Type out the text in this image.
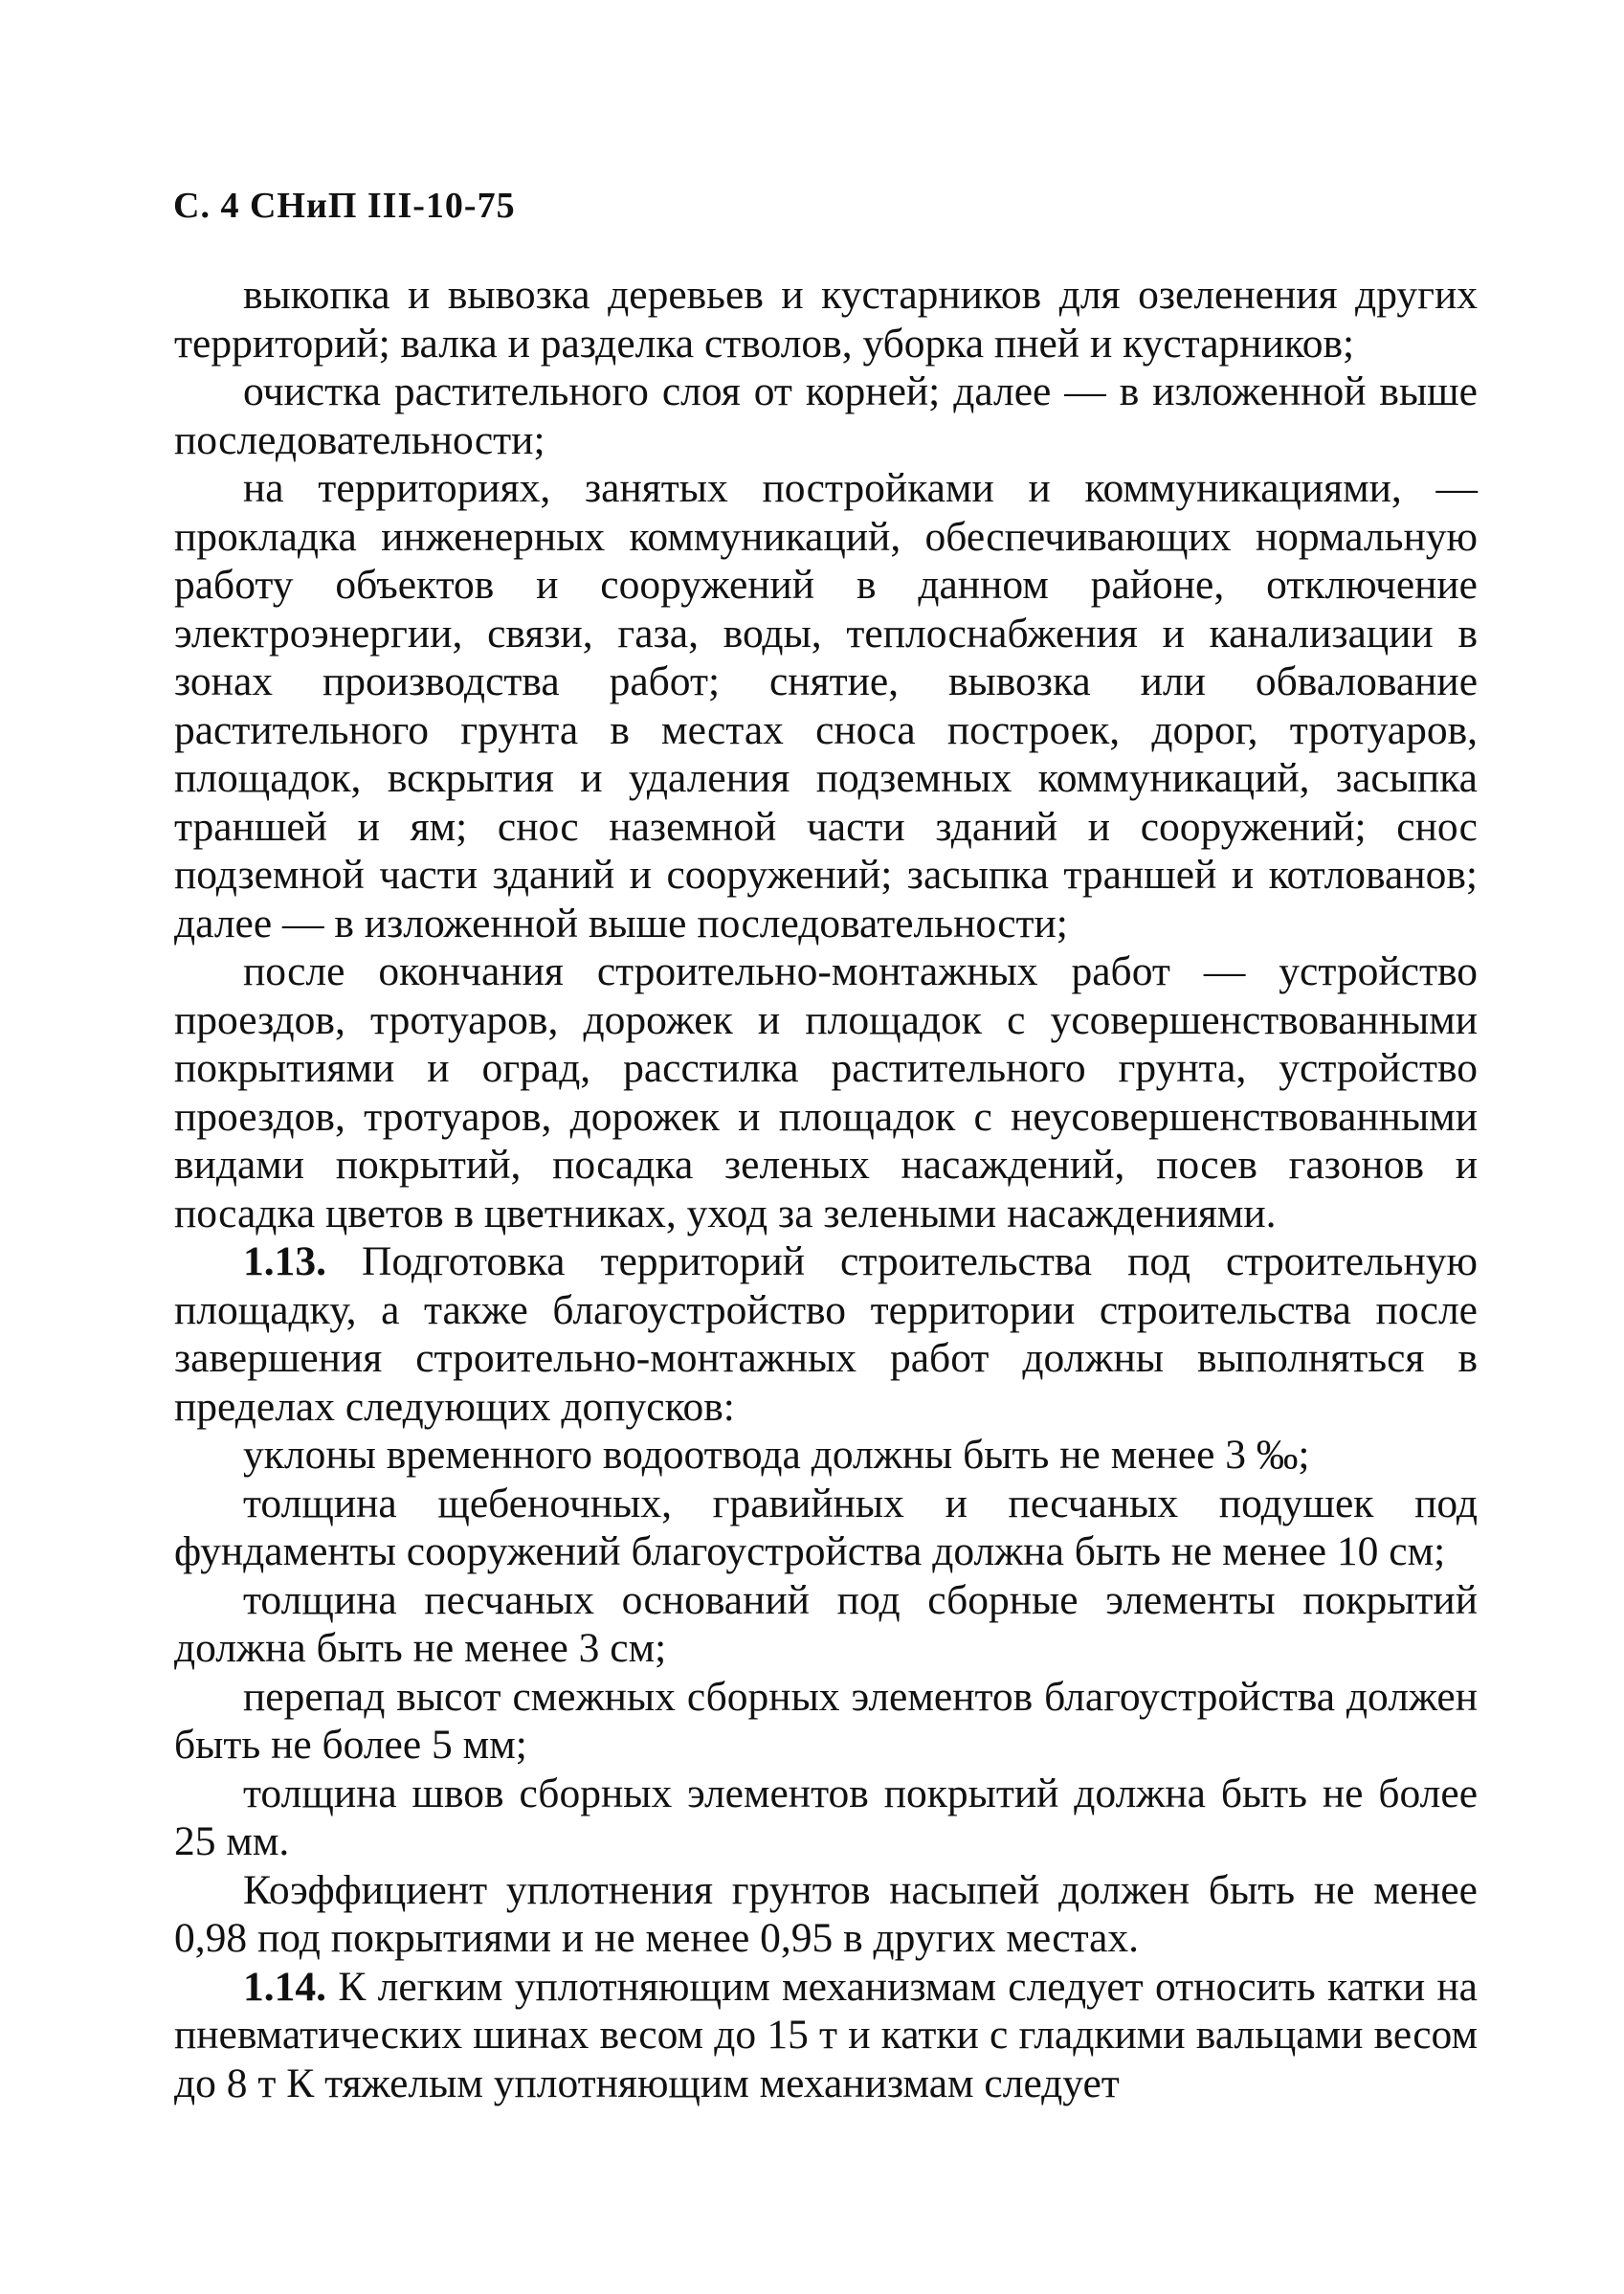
С. 4 СНиП III-10-75

выкопка и вывозка деревьев и кустарников для озеленения других территорий; валка и разделка стволов, уборка пней и кустарников;

очистка растительного слоя от корней; далее — в изложенной выше последовательности;

на территориях, занятых постройками и коммуникациями, — прокладка инженерных коммуникаций, обеспечивающих нормальную работу объектов и сооружений в данном районе, отключение электроэнергии, связи, газа, воды, теплоснабжения и канализации в зонах производства работ; снятие, вывозка или обвалование растительного грунта в местах сноса построек, дорог, тротуаров, площадок, вскрытия и удаления подземных коммуникаций, засыпка траншей и ям; снос наземной части зданий и сооружений; снос подземной части зданий и сооружений; засыпка траншей и котлованов; далее — в изложенной выше последовательности;

после окончания строительно-монтажных работ — устройство проездов, тротуаров, дорожек и площадок с усовершенствованными покрытиями и оград, расстилка растительного грунта, устройство проездов, тротуаров, дорожек и площадок с неусовершенствованными видами покрытий, посадка зеленых насаждений, посев газонов и посадка цветов в цветниках, уход за зелеными насаждениями.

1.13. Подготовка территорий строительства под строительную площадку, а также благоустройство территории строительства после завершения строительно-монтажных работ должны выполняться в пределах следующих допусков:

уклоны временного водоотвода должны быть не менее 3 ‰;

толщина щебеночных, гравийных и песчаных подушек под фундаменты сооружений благоустройства должна быть не менее 10 см;

толщина песчаных оснований под сборные элементы покрытий должна быть не менее 3 см;

перепад высот смежных сборных элементов благоустройства должен быть не более 5 мм;

толщина швов сборных элементов покрытий должна быть не более 25 мм.

Коэффициент уплотнения грунтов насыпей должен быть не менее 0,98 под покрытиями и не менее 0,95 в других местах.

1.14. К легким уплотняющим механизмам следует относить катки на пневматических шинах весом до 15 т и катки с гладкими вальцами весом до 8 т К тяжелым уплотняющим механизмам следует
